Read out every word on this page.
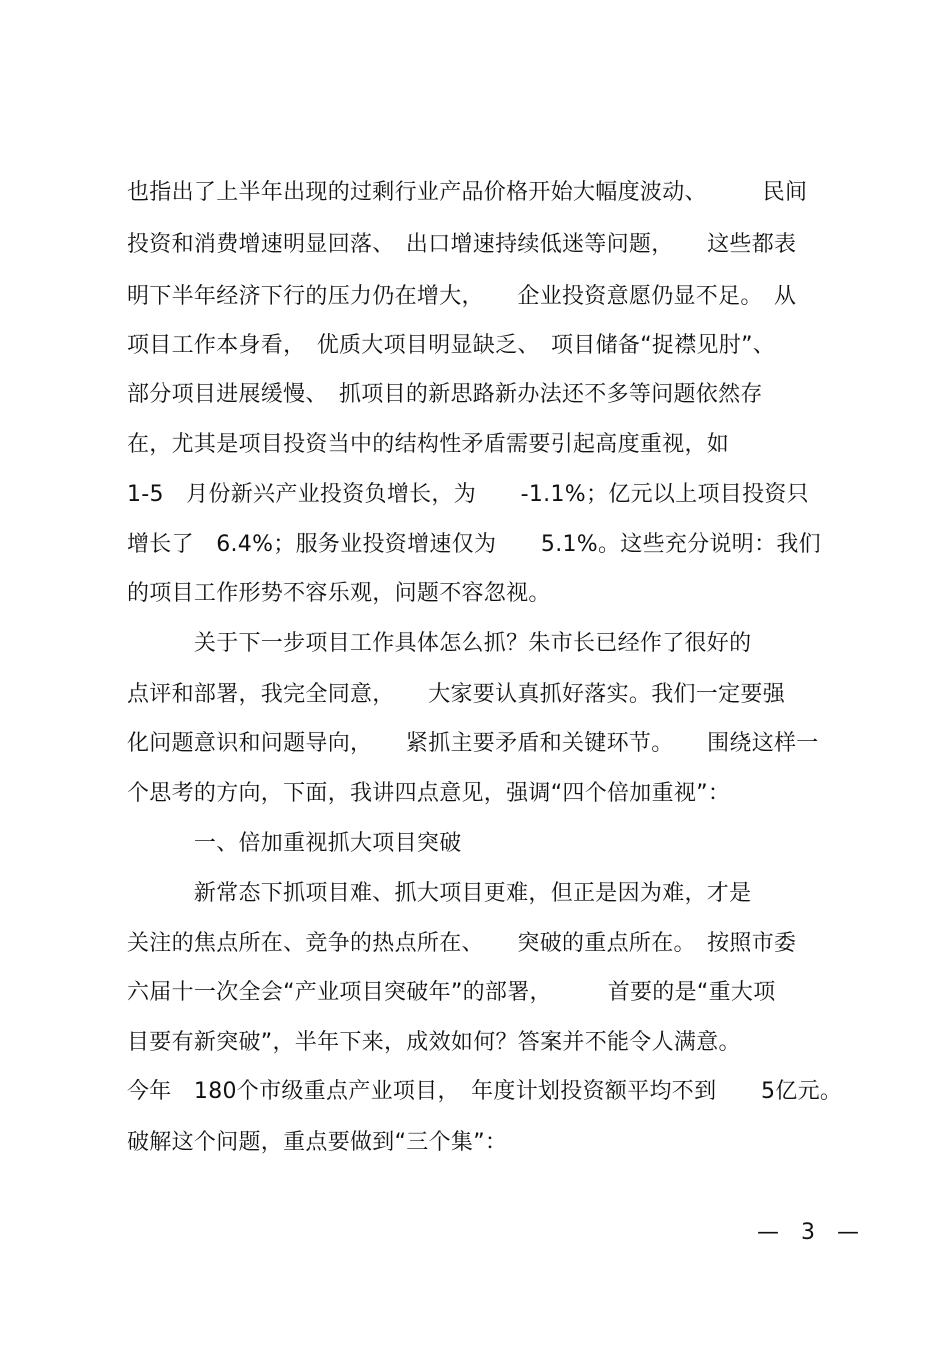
也指出了上半年出现的过剩行业产品价格开始大幅度波动、　　　民间
投资和消费增速明显回落、　出口增速持续低迷等问题，　　这些都表
明下半年经济下行的压力仍在增大，　　企业投资意愿仍显不足。　从
项目工作本身看，　优质大项目明显缺乏、　项目储备“捉襟见肘”、
部分项目进展缓慢、　抓项目的新思路新办法还不多等问题依然存
在，尤其是项目投资当中的结构性矛盾需要引起高度重视，如
1-5　月份新兴产业投资负增长，为　　-1.1%；亿元以上项目投资只
增长了　6.4%；服务业投资增速仅为　　5.1%。这些充分说明：我们
的项目工作形势不容乐观，问题不容忽视。
　　　关于下一步项目工作具体怎么抓？朱市长已经作了很好的
点评和部署，我完全同意，　　大家要认真抓好落实。我们一定要强
化问题意识和问题导向，　　紧抓主要矛盾和关键环节。　　围绕这样一
个思考的方向，下面，我讲四点意见，强调“四个倍加重视”：
　　　一、倍加重视抓大项目突破
　　　新常态下抓项目难、抓大项目更难，但正是因为难，才是
关注的焦点所在、竞争的热点所在、　　突破的重点所在。　按照市委
六届十一次全会“产业项目突破年”的部署，　　　首要的是“重大项
目要有新突破”，半年下来，成效如何？答案并不能令人满意。
今年　180个市级重点产业项目，　年度计划投资额平均不到　　5亿元。
破解这个问题，重点要做到“三个集”：
—　3　—
